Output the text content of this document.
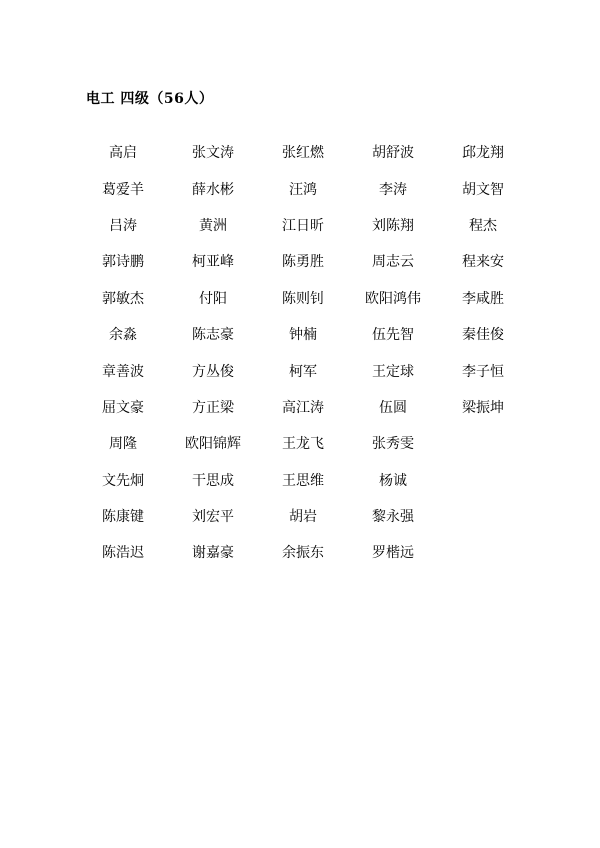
电工 四级（56人）
高启	张文涛	张红燃	胡舒波	邱龙翔
葛爱羊	薛水彬	汪鸿	李涛	胡文智
吕涛	黄洲	江日昕	刘陈翔	程杰
郭诗鹏	柯亚峰	陈勇胜	周志云	程来安
郭敏杰	付阳	陈则钊	欧阳鸿伟	李咸胜
余淼	陈志豪	钟楠	伍先智	秦佳俊
章善波	方丛俊	柯军	王定球	李子恒
屈文豪	方正梁	高江涛	伍圆	梁振坤
周隆	欧阳锦辉	王龙飞	张秀雯
文先炯	干思成	王思维	杨诚
陈康键	刘宏平	胡岩	黎永强
陈浩迟	谢嘉豪	余振东	罗楷远
